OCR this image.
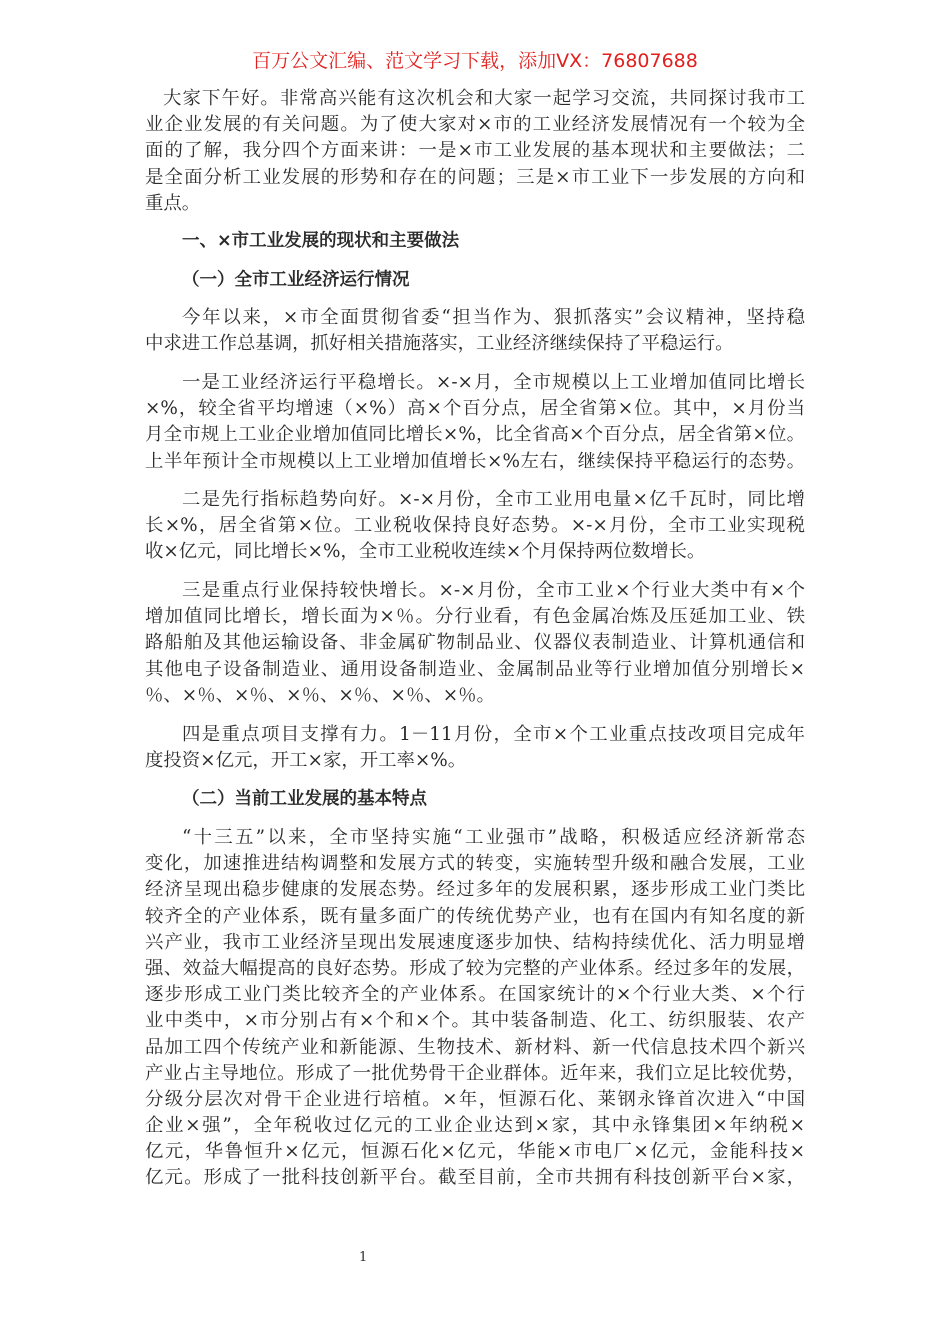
百万公文汇编、范文学习下载，添加VX：76807688
大家下午好。非常高兴能有这次机会和大家一起学习交流，共同探讨我市工
业企业发展的有关问题。为了使大家对×市的工业经济发展情况有一个较为全
面的了解，我分四个方面来讲：一是×市工业发展的基本现状和主要做法；二
是全面分析工业发展的形势和存在的问题；三是×市工业下一步发展的方向和
重点。
一、×市工业发展的现状和主要做法
（一）全市工业经济运行情况
今年以来，×市全面贯彻省委“担当作为、狠抓落实”会议精神，坚持稳
中求进工作总基调，抓好相关措施落实，工业经济继续保持了平稳运行。
一是工业经济运行平稳增长。×-×月，全市规模以上工业增加值同比增长
×%，较全省平均增速（×%）高×个百分点，居全省第×位。其中，×月份当
月全市规上工业企业增加值同比增长×%，比全省高×个百分点，居全省第×位。
上半年预计全市规模以上工业增加值增长×%左右，继续保持平稳运行的态势。
二是先行指标趋势向好。×-×月份，全市工业用电量×亿千瓦时，同比增
长×%，居全省第×位。工业税收保持良好态势。×-×月份，全市工业实现税
收×亿元，同比增长×%，全市工业税收连续×个月保持两位数增长。
三是重点行业保持较快增长。×-×月份，全市工业×个行业大类中有×个
增加值同比增长，增长面为×％。分行业看，有色金属冶炼及压延加工业、铁
路船舶及其他运输设备、非金属矿物制品业、仪器仪表制造业、计算机通信和
其他电子设备制造业、通用设备制造业、金属制品业等行业增加值分别增长×
％、×％、×％、×％、×％、×％、×％。
四是重点项目支撑有力。1－11月份，全市×个工业重点技改项目完成年
度投资×亿元，开工×家，开工率×%。
（二）当前工业发展的基本特点
“十三五”以来，全市坚持实施“工业强市”战略，积极适应经济新常态
变化，加速推进结构调整和发展方式的转变，实施转型升级和融合发展，工业
经济呈现出稳步健康的发展态势。经过多年的发展积累，逐步形成工业门类比
较齐全的产业体系，既有量多面广的传统优势产业，也有在国内有知名度的新
兴产业，我市工业经济呈现出发展速度逐步加快、结构持续优化、活力明显增
强、效益大幅提高的良好态势。形成了较为完整的产业体系。经过多年的发展，
逐步形成工业门类比较齐全的产业体系。在国家统计的×个行业大类、×个行
业中类中，×市分别占有×个和×个。其中装备制造、化工、纺织服装、农产
品加工四个传统产业和新能源、生物技术、新材料、新一代信息技术四个新兴
产业占主导地位。形成了一批优势骨干企业群体。近年来，我们立足比较优势，
分级分层次对骨干企业进行培植。×年，恒源石化、莱钢永锋首次进入“中国
企业×强”，全年税收过亿元的工业企业达到×家，其中永锋集团×年纳税×
亿元，华鲁恒升×亿元，恒源石化×亿元，华能×市电厂×亿元，金能科技×
亿元。形成了一批科技创新平台。截至目前，全市共拥有科技创新平台×家，
1
